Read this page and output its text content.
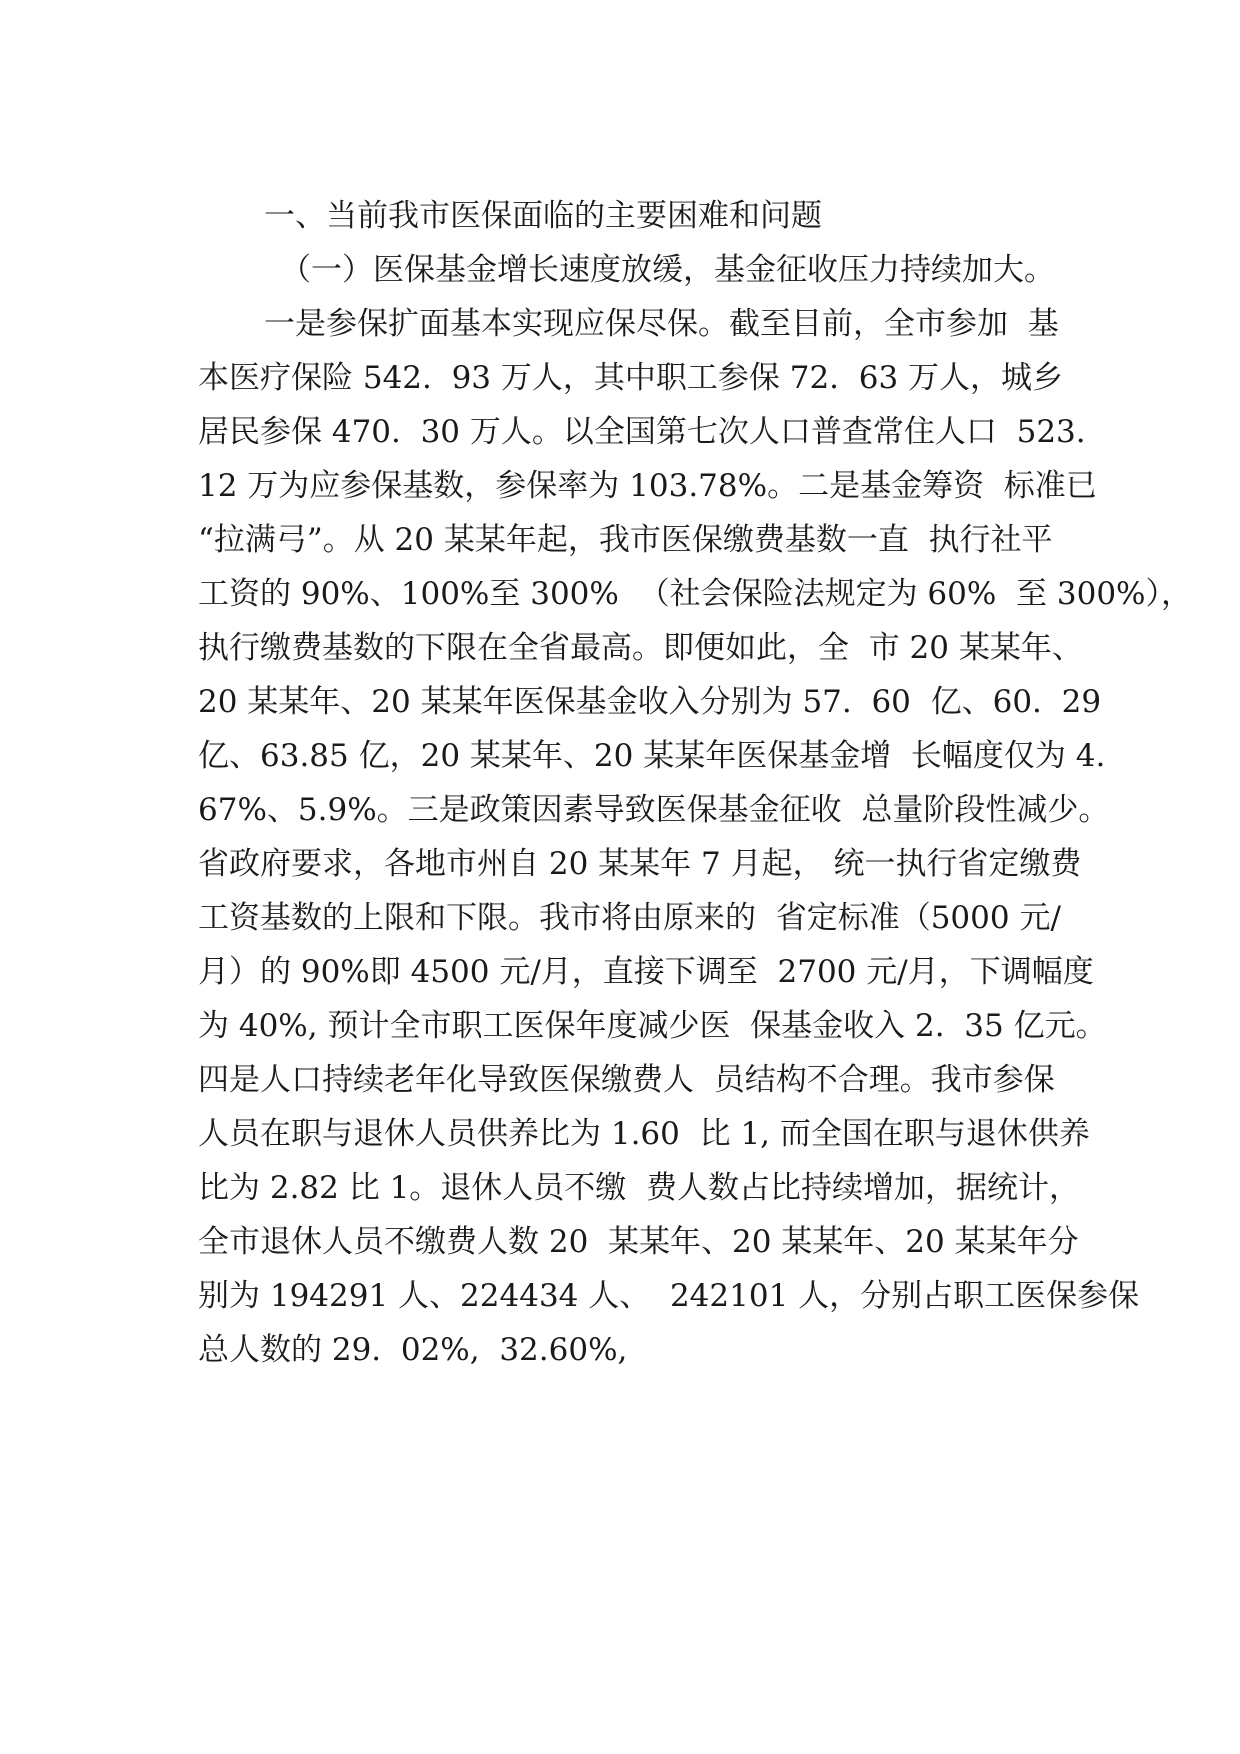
一、当前我市医保面临的主要困难和问题
（一）医保基金增长速度放缓，基金征收压力持续加大。
一是参保扩面基本实现应保尽保。截至目前，全市参加  基
本医疗保险 542.  93 万人，其中职工参保 72.  63 万人，城乡
居民参保 470.  30 万人。以全国第七次人口普查常住人口  523.
12 万为应参保基数，参保率为 103.78%。二是基金筹资  标准已
“拉满弓”。从 20 某某年起，我市医保缴费基数一直  执行社平
工资的 90%、100%至 300%  （社会保险法规定为 60%  至 300%），
执行缴费基数的下限在全省最高。即便如此，全  市 20 某某年、
20 某某年、20 某某年医保基金收入分别为 57.  60  亿、60.  29
亿、63.85 亿，20 某某年、20 某某年医保基金增  长幅度仅为 4.
67%、5.9%。三是政策因素导致医保基金征收  总量阶段性减少。
省政府要求，各地市州自 20 某某年 7 月起， 统一执行省定缴费
工资基数的上限和下限。我市将由原来的  省定标准（5000 元/
月）的 90%即 4500 元/月，直接下调至  2700 元/月，下调幅度
为 40%, 预计全市职工医保年度减少医  保基金收入 2.  35 亿元。
四是人口持续老年化导致医保缴费人  员结构不合理。我市参保
人员在职与退休人员供养比为 1.60  比 1, 而全国在职与退休供养
比为 2.82 比 1。退休人员不缴  费人数占比持续增加，据统计，
全市退休人员不缴费人数 20  某某年、20 某某年、20 某某年分
别为 194291 人、224434 人、  242101 人，分别占职工医保参保
总人数的 29.  02%,  32.60%,
